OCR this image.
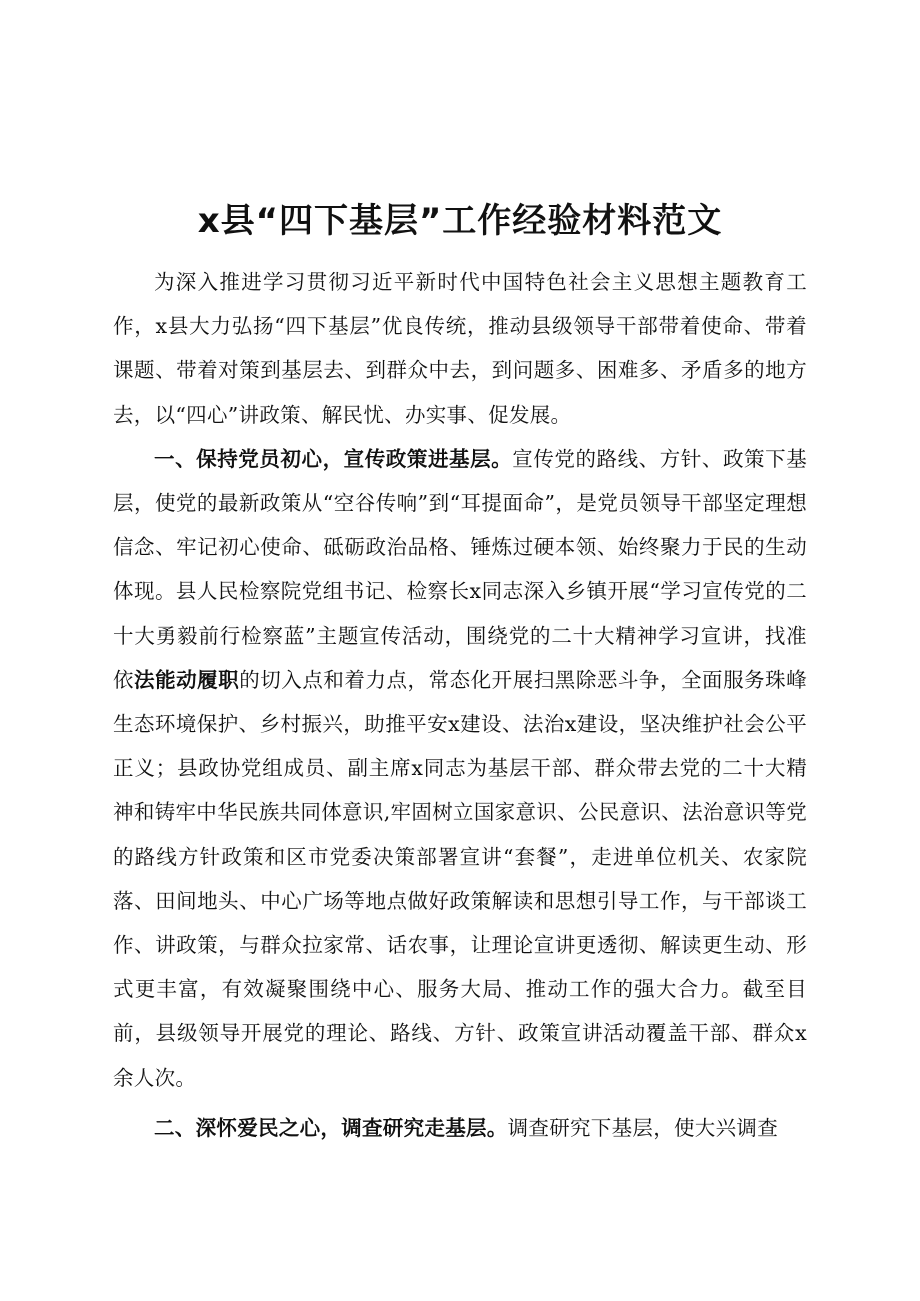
x县“四下基层”工作经验材料范文

为深入推进学习贯彻习近平新时代中国特色社会主义思想主题教育工作，x县大力弘扬“四下基层”优良传统，推动县级领导干部带着使命、带着课题、带着对策到基层去、到群众中去，到问题多、困难多、矛盾多的地方去，以“四心”讲政策、解民忧、办实事、促发展。

一、保持党员初心，宣传政策进基层。宣传党的路线、方针、政策下基层，使党的最新政策从“空谷传响”到“耳提面命”，是党员领导干部坚定理想信念、牢记初心使命、砥砺政治品格、锤炼过硬本领、始终聚力于民的生动体现。县人民检察院党组书记、检察长x同志深入乡镇开展“学习宣传党的二十大勇毅前行检察蓝”主题宣传活动，围绕党的二十大精神学习宣讲，找准依法能动履职的切入点和着力点，常态化开展扫黑除恶斗争，全面服务珠峰生态环境保护、乡村振兴，助推平安x建设、法治x建设，坚决维护社会公平正义；县政协党组成员、副主席x同志为基层干部、群众带去党的二十大精神和铸牢中华民族共同体意识,牢固树立国家意识、公民意识、法治意识等党的路线方针政策和区市党委决策部署宣讲“套餐”，走进单位机关、农家院落、田间地头、中心广场等地点做好政策解读和思想引导工作，与干部谈工作、讲政策，与群众拉家常、话农事，让理论宣讲更透彻、解读更生动、形式更丰富，有效凝聚围绕中心、服务大局、推动工作的强大合力。截至目前，县级领导开展党的理论、路线、方针、政策宣讲活动覆盖干部、群众x余人次。

二、深怀爱民之心，调查研究走基层。调查研究下基层，使大兴调查
